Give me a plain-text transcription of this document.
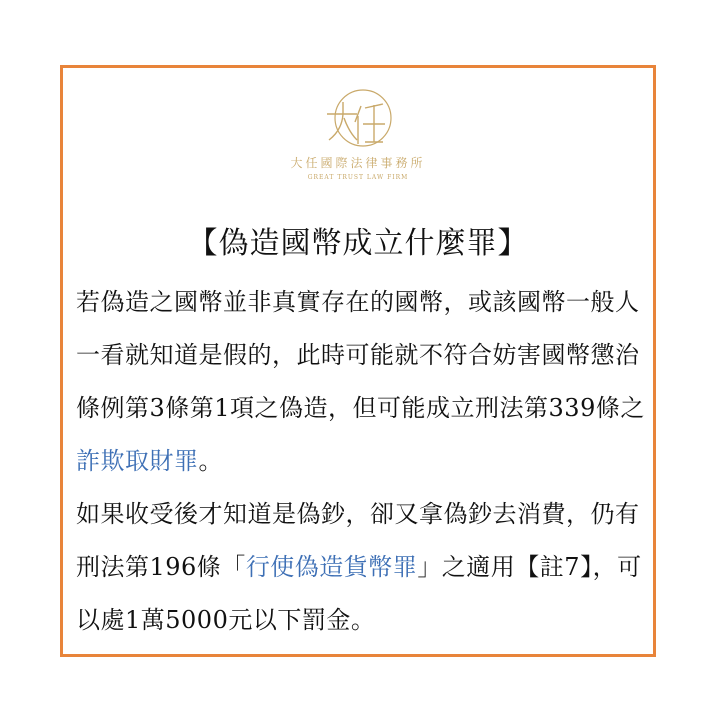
大任國際法律事務所
GREAT TRUST LAW FIRM
【偽造國幣成立什麼罪】

若偽造之國幣並非真實存在的國幣，或該國幣一般人一看就知道是假的，此時可能就不符合妨害國幣懲治條例第3條第1項之偽造，但可能成立刑法第339條之詐欺取財罪。

如果收受後才知道是偽鈔，卻又拿偽鈔去消費，仍有刑法第196條「行使偽造貨幣罪」之適用【註7】，可以處1萬5000元以下罰金。
